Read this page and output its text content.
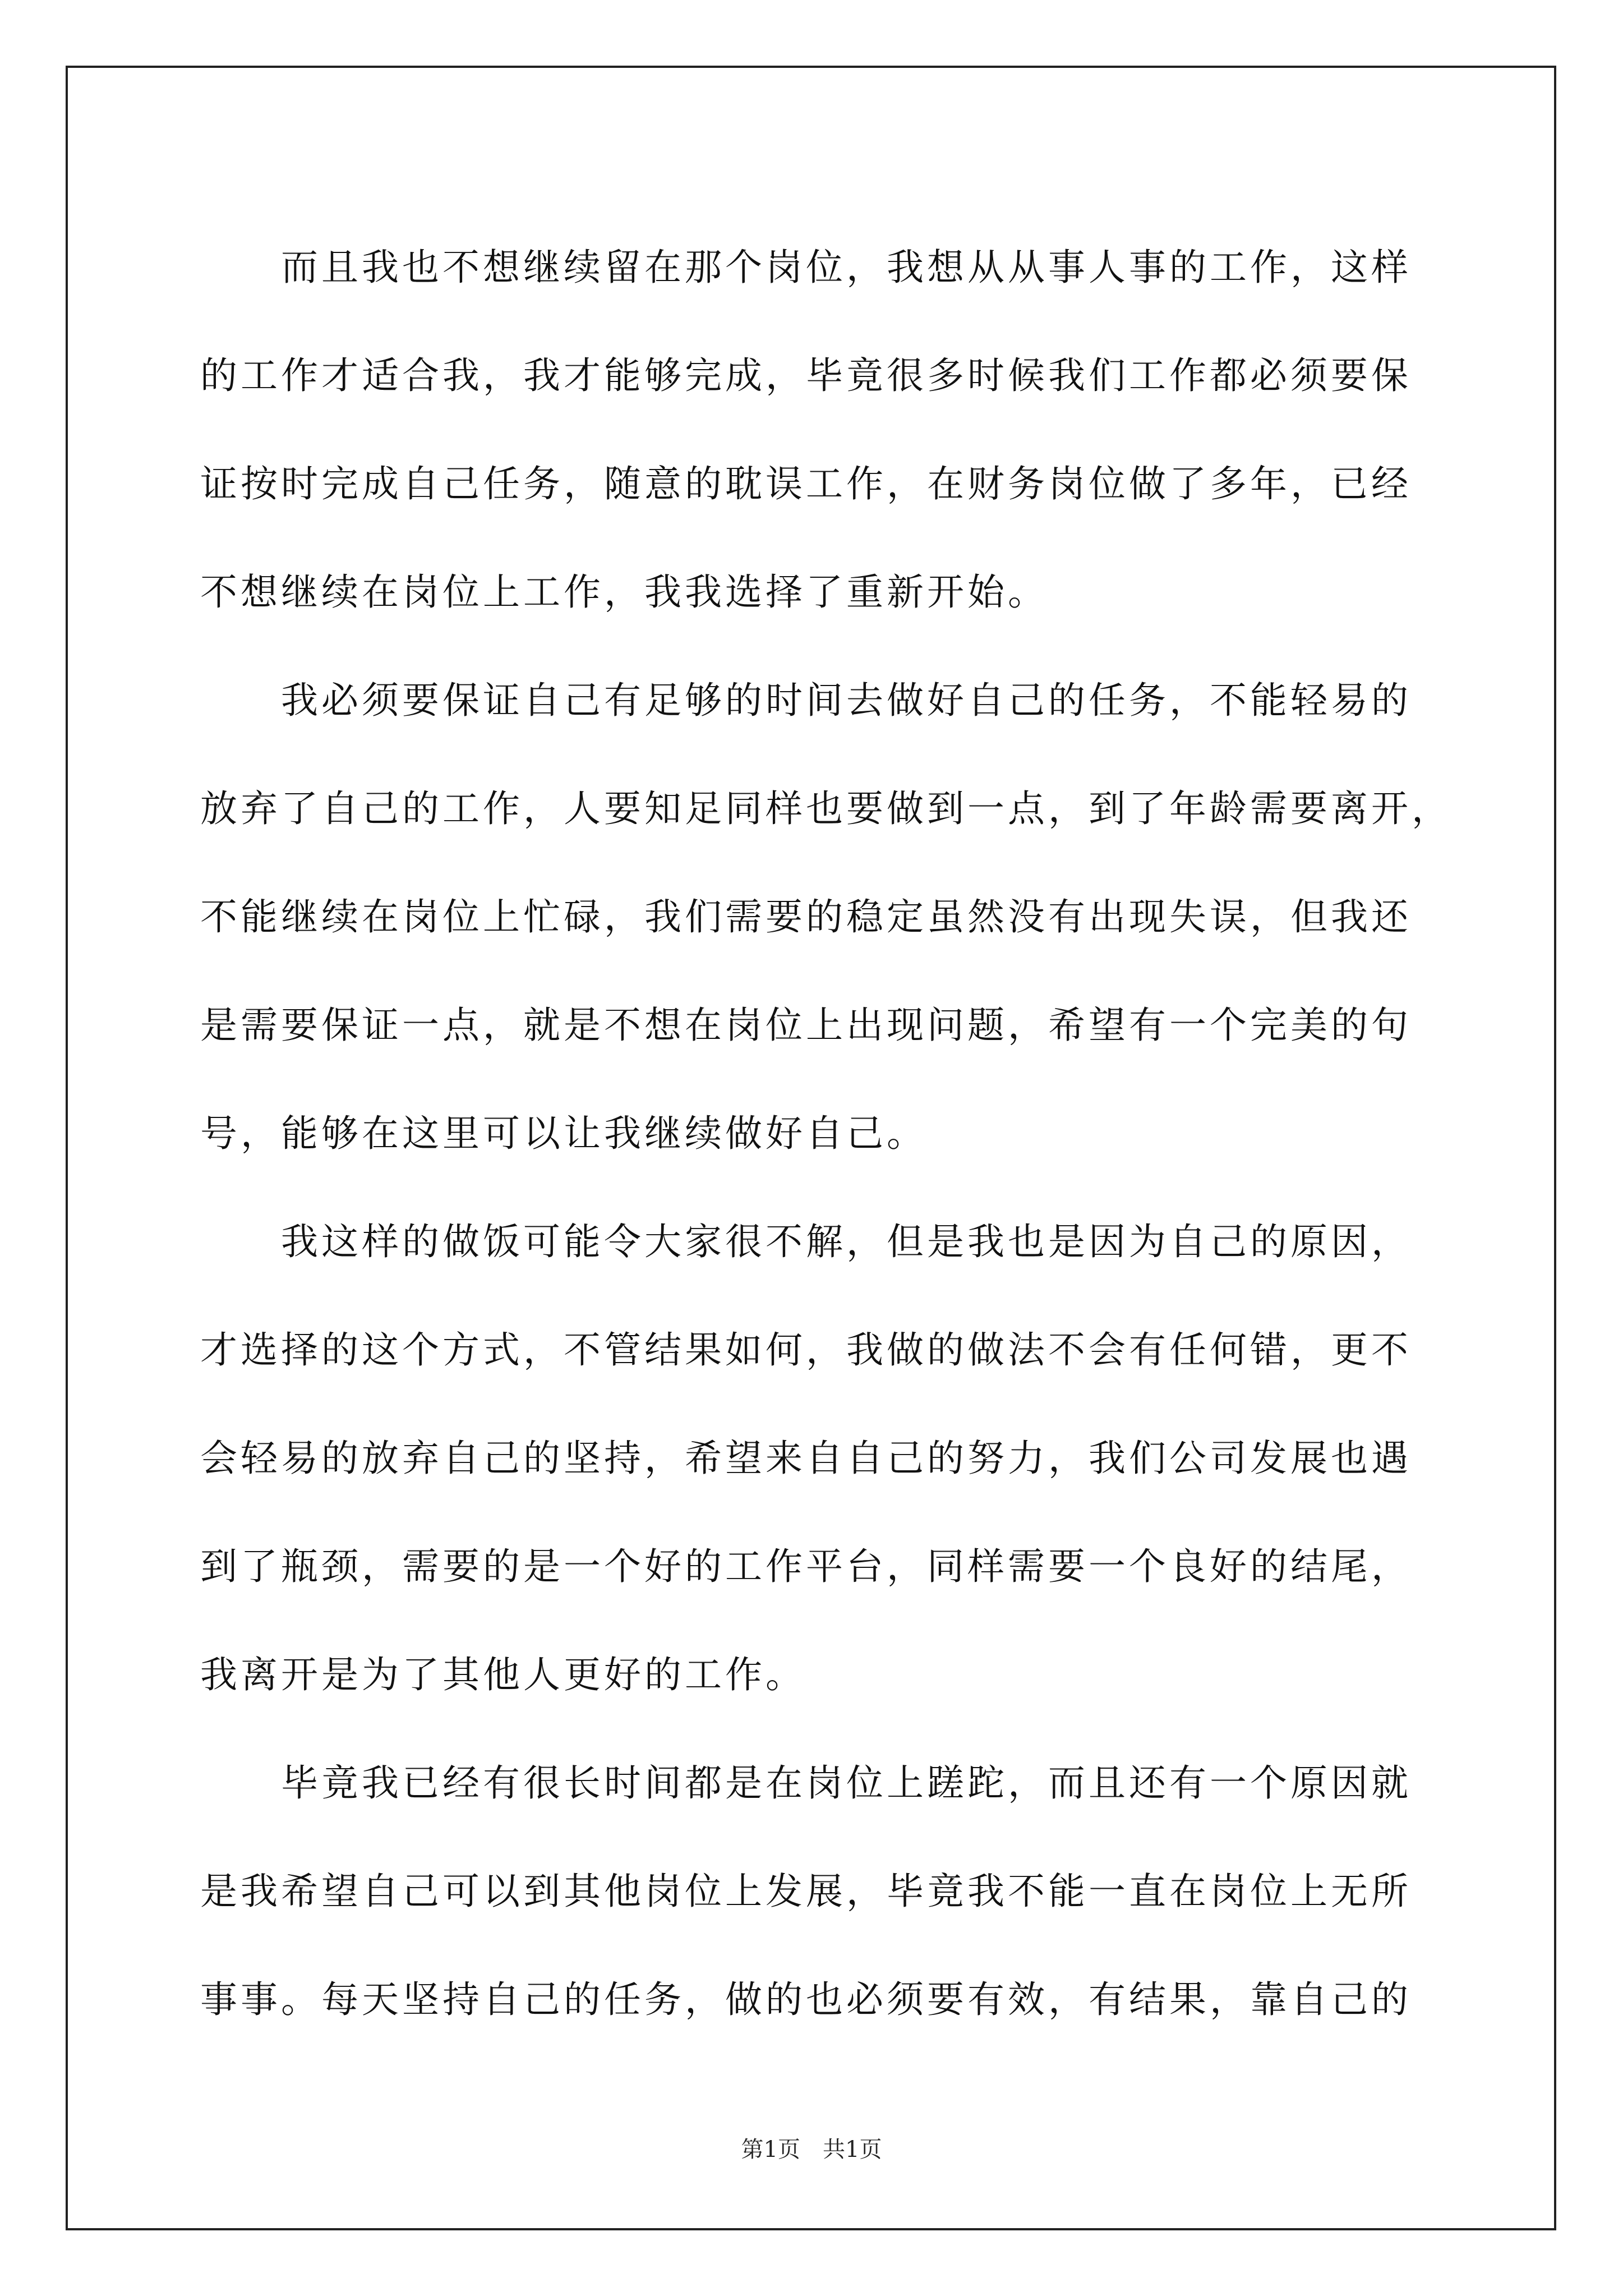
　　而且我也不想继续留在那个岗位，我想从从事人事的工作，这样
的工作才适合我，我才能够完成，毕竟很多时候我们工作都必须要保
证按时完成自己任务，随意的耽误工作，在财务岗位做了多年，已经
不想继续在岗位上工作，我我选择了重新开始。
　　我必须要保证自己有足够的时间去做好自己的任务，不能轻易的
放弃了自己的工作，人要知足同样也要做到一点，到了年龄需要离开，
不能继续在岗位上忙碌，我们需要的稳定虽然没有出现失误，但我还
是需要保证一点，就是不想在岗位上出现问题，希望有一个完美的句
号，能够在这里可以让我继续做好自己。
　　我这样的做饭可能令大家很不解，但是我也是因为自己的原因，
才选择的这个方式，不管结果如何，我做的做法不会有任何错，更不
会轻易的放弃自己的坚持，希望来自自己的努力，我们公司发展也遇
到了瓶颈，需要的是一个好的工作平台，同样需要一个良好的结尾，
我离开是为了其他人更好的工作。
　　毕竟我已经有很长时间都是在岗位上蹉跎，而且还有一个原因就
是我希望自己可以到其他岗位上发展，毕竟我不能一直在岗位上无所
事事。每天坚持自己的任务，做的也必须要有效，有结果，靠自己的
第1页　共1页
